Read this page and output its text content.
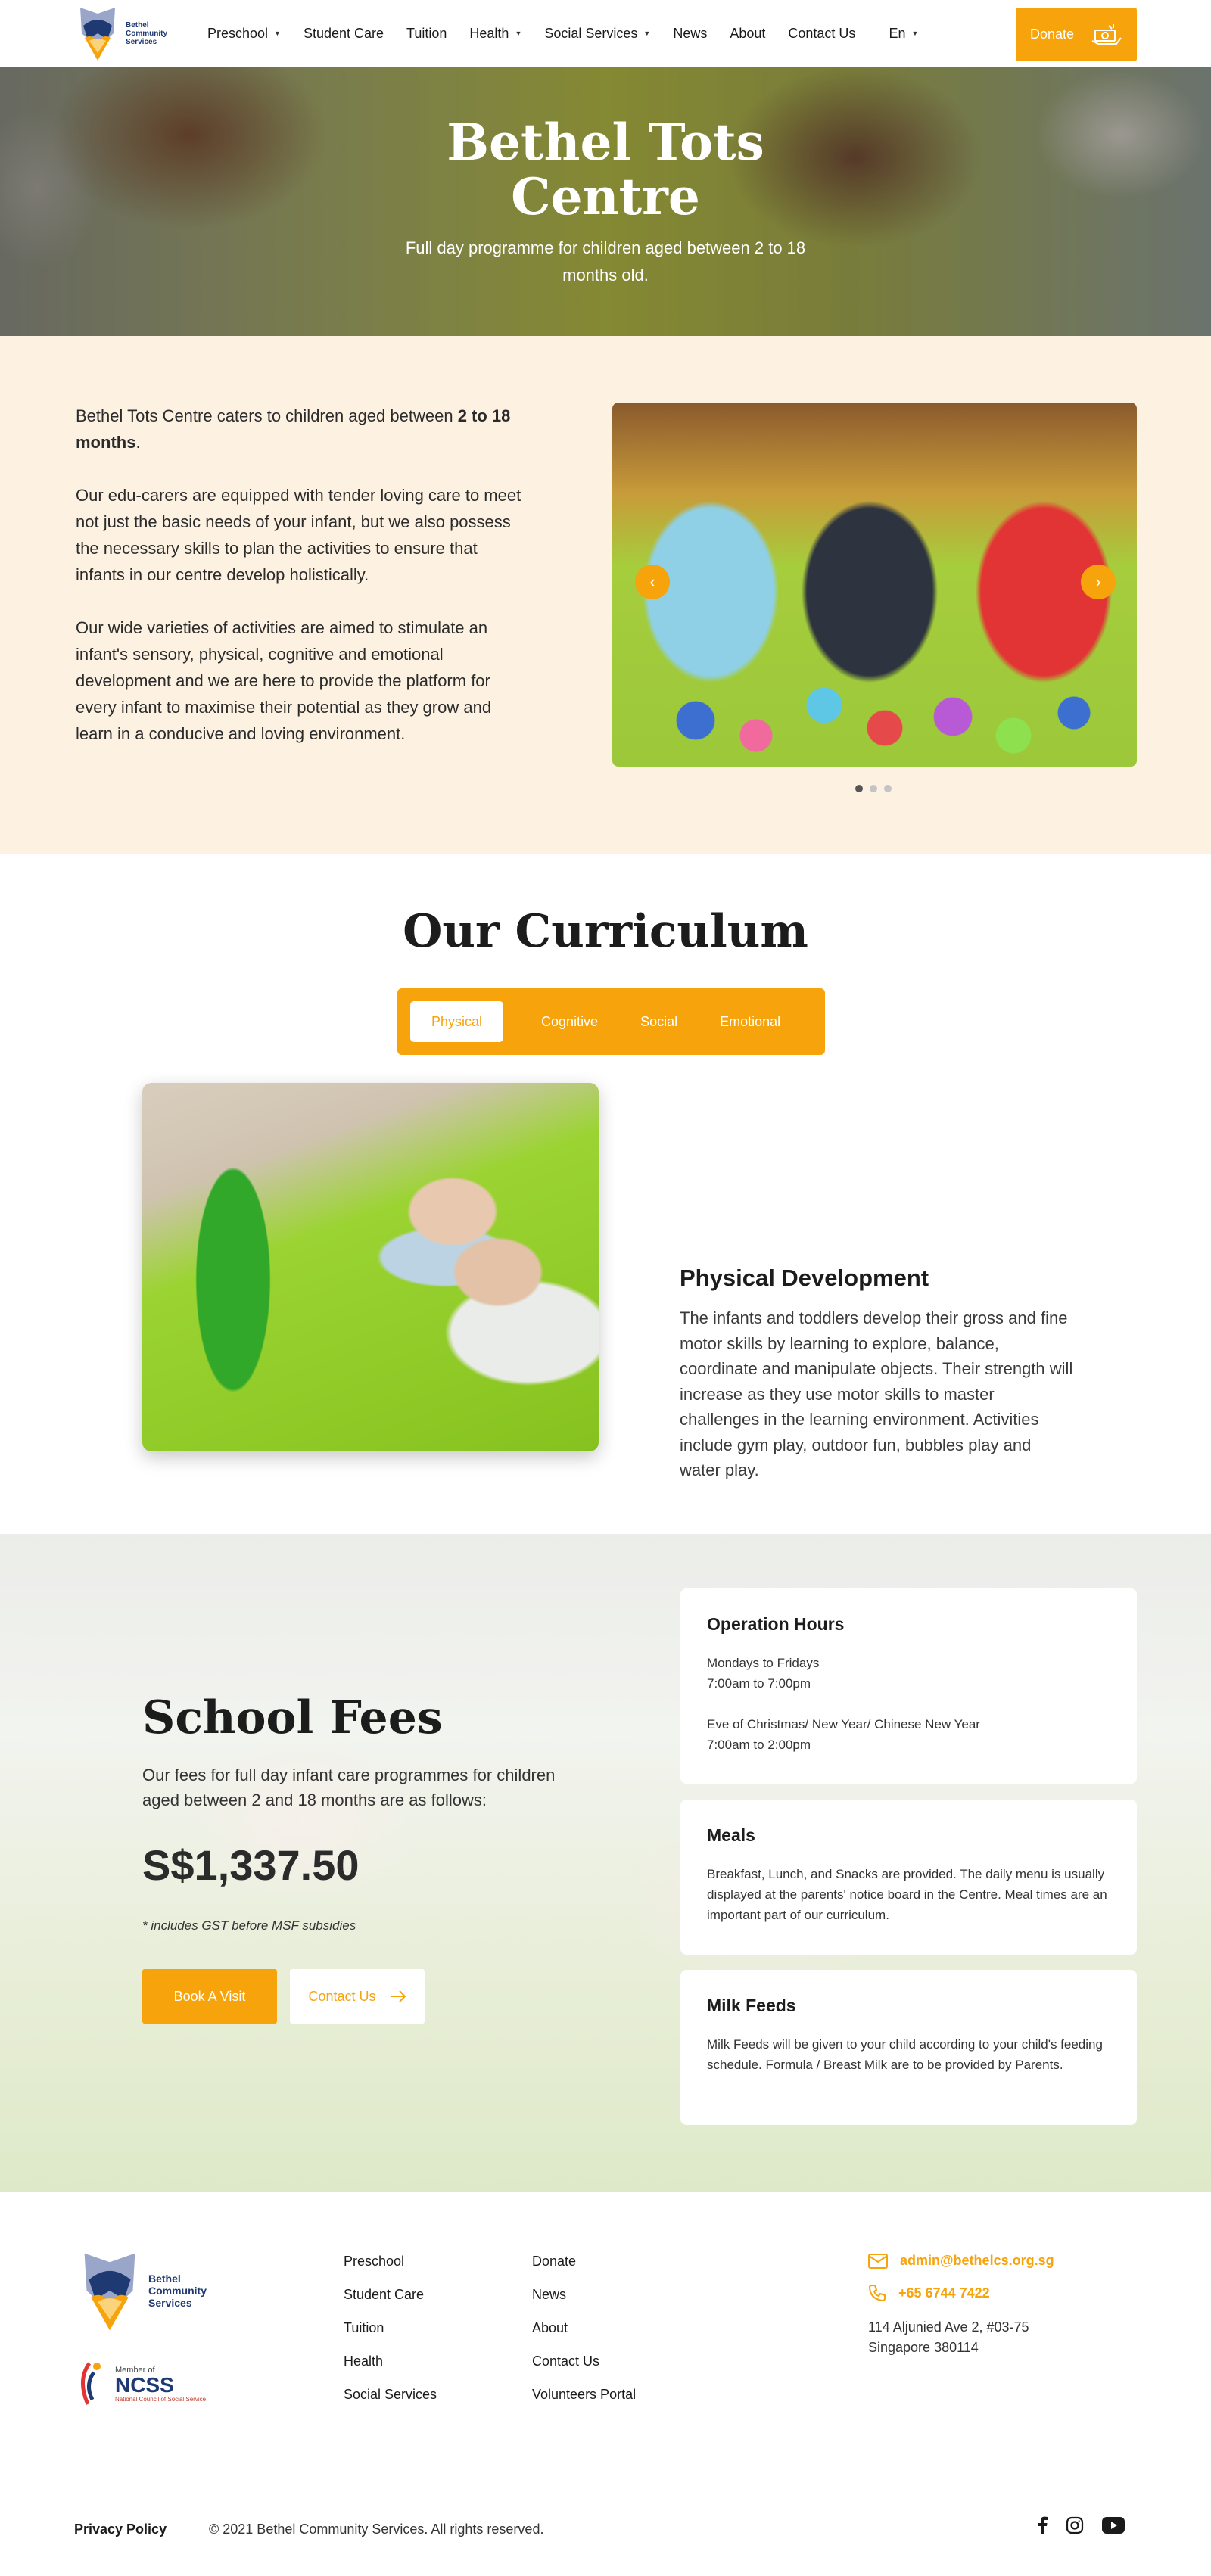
Bethel
Community
Services
Preschool ▼ Student Care Tuition Health ▼ Social Services ▼ News About Contact Us En ▼	Donate
Bethel Tots Centre

Full day programme for children aged between 2 to 18 months old.

Bethel Tots Centre caters to children aged between 2 to 18 months.

Our edu-carers are equipped with tender loving care to meet not just the basic needs of your infant, but we also possess the necessary skills to plan the activities to ensure that infants in our centre develop holistically.

Our wide varieties of activities are aimed to stimulate an infant's sensory, physical, cognitive and emotional development and we are here to provide the platform for every infant to maximise their potential as they grow and learn in a conducive and loving environment.

‹	›
Our Curriculum
Physical	Cognitive	Social	Emotional
Physical Development

The infants and toddlers develop their gross and fine motor skills by learning to explore, balance, coordinate and manipulate objects. Their strength will increase as they use motor skills to master challenges in the learning environment. Activities include gym play, outdoor fun, bubbles play and water play.

School Fees

Our fees for full day infant care programmes for children aged between 2 and 18 months are as follows:

S$1,337.50

* includes GST before MSF subsidies

Book A Visit	Contact Us
Operation Hours

Mondays to Fridays
7:00am to 7:00pm

Eve of Christmas/ New Year/ Chinese New Year
7:00am to 2:00pm

Meals

Breakfast, Lunch, and Snacks are provided. The daily menu is usually displayed at the parents' notice board in the Centre. Meal times are an important part of our curriculum.

Milk Feeds

Milk Feeds will be given to your child according to your child's feeding schedule. Formula / Breast Milk are to be provided by Parents.

Bethel
Community
Services
Member of
NCSS
National Council of Social Service
Preschool
Student Care
Tuition
Health
Social Services
Donate
News
About
Contact Us
Volunteers Portal
admin@bethelcs.org.sg
+65 6744 7422
114 Aljunied Ave 2, #03-75
Singapore 380114
Privacy Policy	© 2021 Bethel Community Services. All rights reserved.
